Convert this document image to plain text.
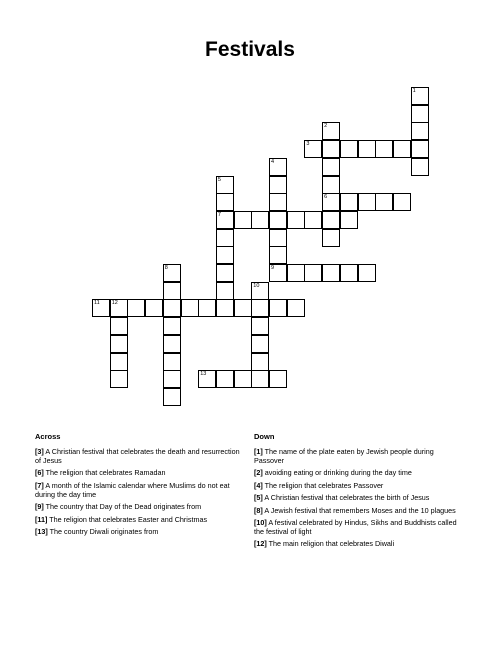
Festivals
1
2
6
3
4
5
7
8	9
10
11 12
13
Across
[3] A Christian festival that celebrates the death and resurrection of Jesus
[6] The religion that celebrates Ramadan
[7] A month of the Islamic calendar where Muslims do not eat during the day time
[9] The country that Day of the Dead originates from
[11] The religion that celebrates Easter and Christmas
[13] The country Diwali originates from
Down
[1] The name of the plate eaten by Jewish people during Passover
[2] avoiding eating or drinking during the day time
[4] The religion that celebrates Passover
[5] A Christian festival that celebrates the birth of Jesus
[8] A Jewish festival that remembers Moses and the 10 plagues
[10] A festival celebrated by Hindus, Sikhs and Buddhists called the festival of light
[12] The main religion that celebrates Diwali
